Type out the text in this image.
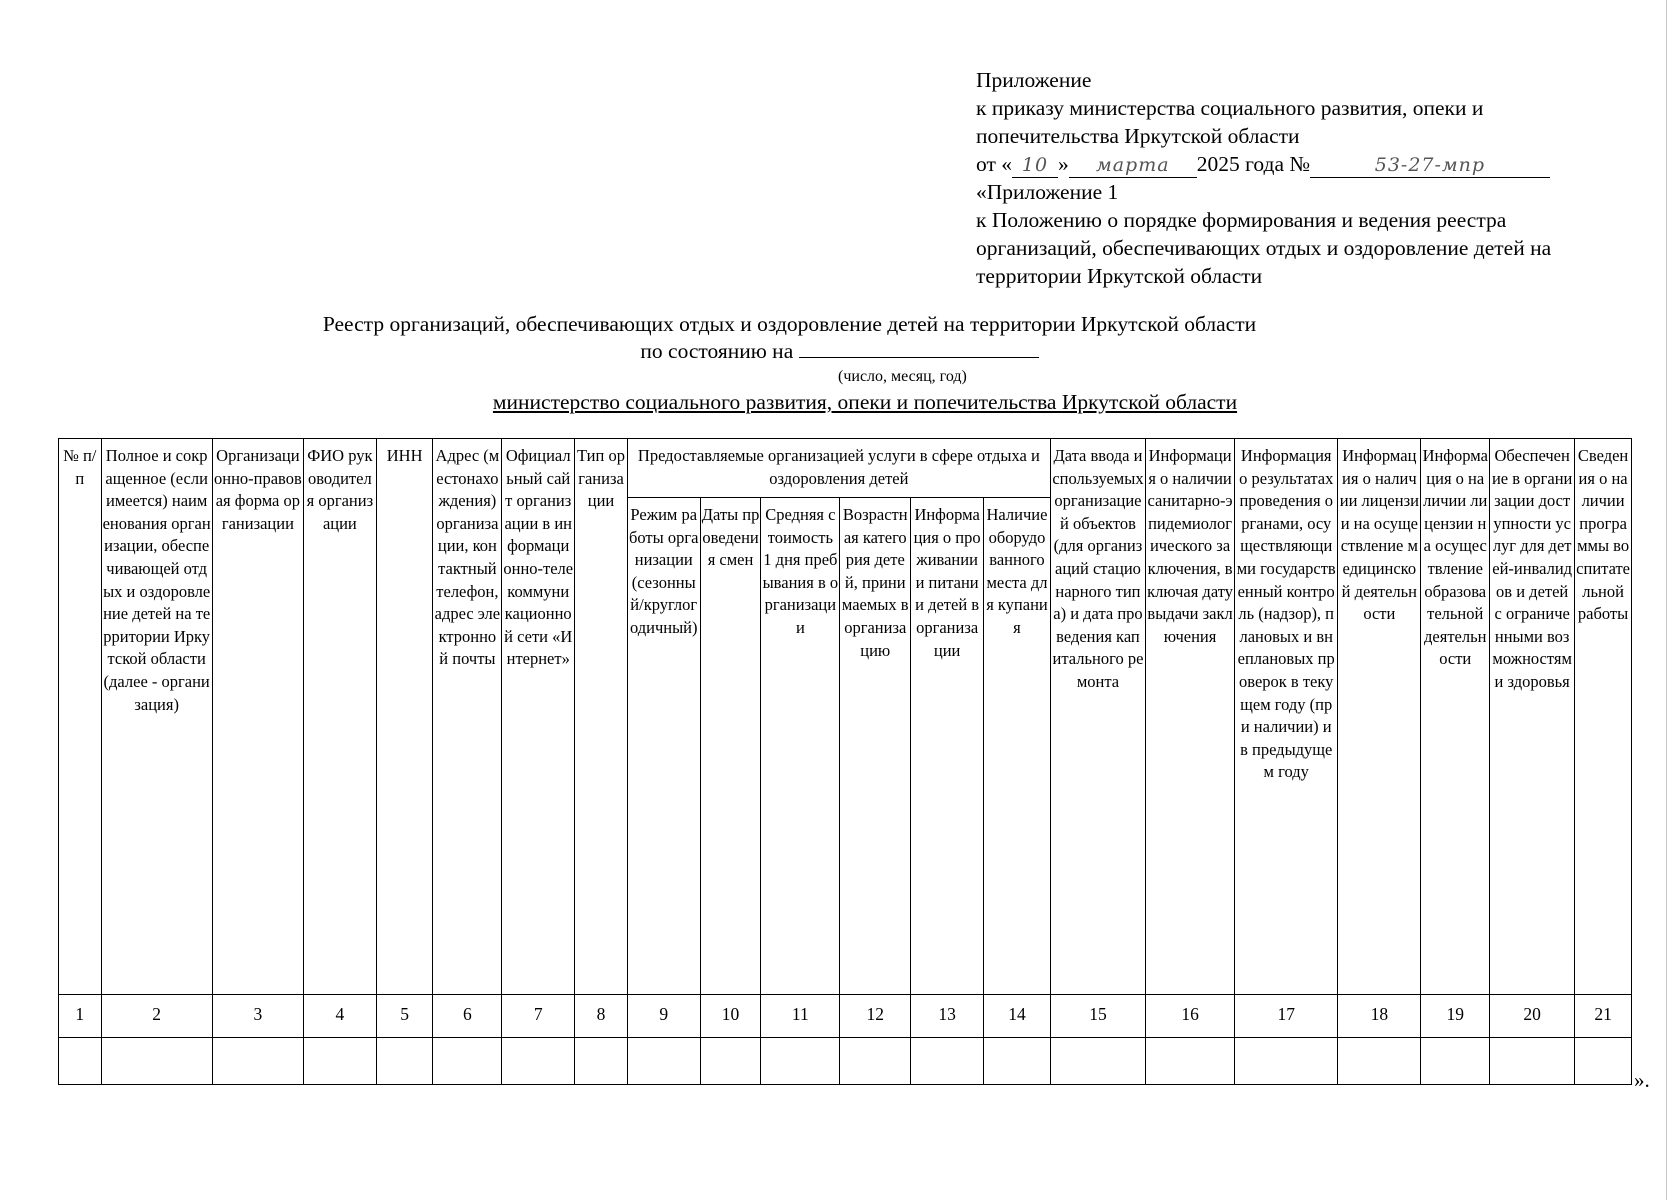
Приложение
к приказу министерства социального развития, опеки и
попечительства Иркутской области
от « 10 » марта 2025 года №	53-27-мпр
«Приложение 1
к Положению о порядке формирования и ведения реестра
организаций, обеспечивающих отдых и оздоровление детей на
территории Иркутской области
Реестр организаций, обеспечивающих отдых и оздоровление детей на территории Иркутской области
по состоянию на
(число, месяц, год)
министерство социального развития, опеки и попечительства Иркутской области
№ п/п	Полное и сокращенное (если имеется) наименования организации, обеспечивающей отдых и оздоровление детей на территории Иркутской области (далее - организация)	Организационно-правовая форма организации	ФИО руководителя организации	ИНН	Адрес (местонахождения) организации, контактный телефон, адрес электронной почты	Официальный сайт организации в информационно-телекоммуникационной сети «Интернет»	Тип организации	Предоставляемые организацией услуги в сфере отдыха и оздоровления детей						Дата ввода используемых организацией объектов (для организаций стационарного типа) и дата проведения капитального ремонта	Информация о наличии санитарно-эпидемиологического заключения, включая дату выдачи заключения	Информация о результатах проведения органами, осуществляющими государственный контроль (надзор), плановых и внеплановых проверок в текущем году (при наличии) и в предыдущем году	Информация о наличии лицензии на осуществление медицинской деятельности	Информация о наличии лицензии на осуществление образовательной деятельности	Обеспечение в организации доступности услуг для детей-инвалидов и детей с ограниченными возможностями здоровья	Сведения о наличии программы воспитательной работы
								Режим работы организации (сезонный/круглогодичный)	Даты проведения смен	Средняя стоимость 1 дня пребывания в организации	Возрастная категория детей, принимаемых в организацию	Информация о проживании и питании детей в организации	Наличие оборудованного места для купания							
1	2	3	4	5	6	7	8	9	10	11	12	13	14	15	16	17	18	19	20	21

».
